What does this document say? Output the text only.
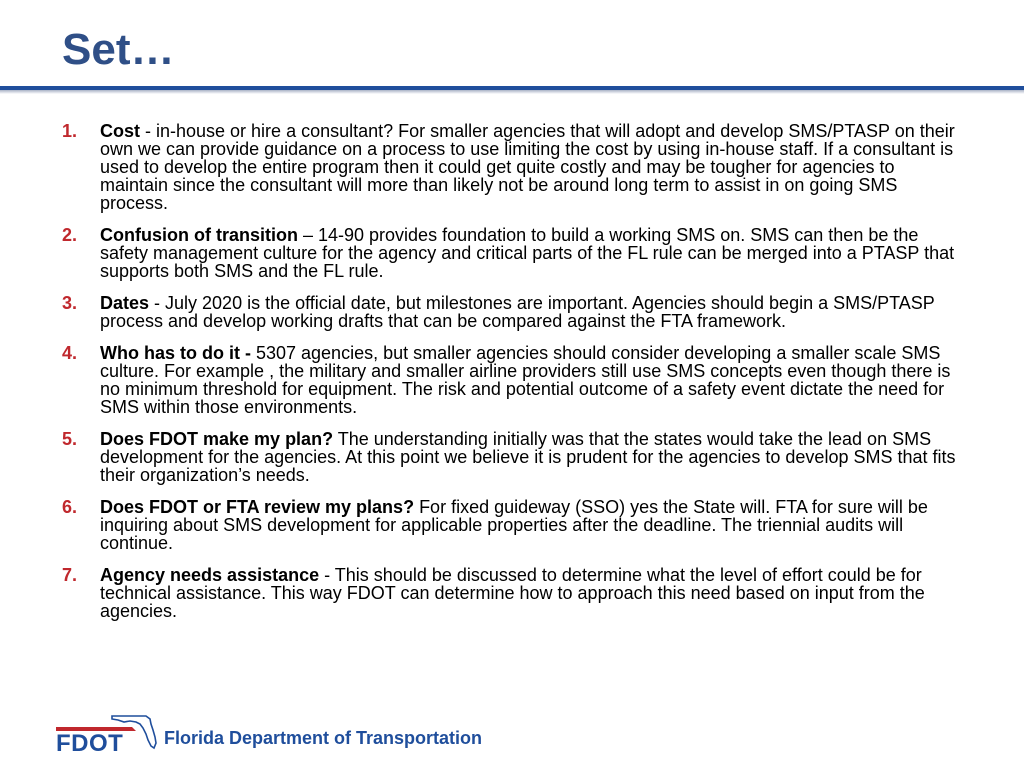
Set…
1.	Cost - in-house or hire a consultant? For smaller agencies that will adopt and develop SMS/PTASP on their own we can provide guidance on a process to use limiting the cost by using in-house staff. If a consultant is used to develop the entire program then it could get quite costly and may be tougher for agencies to maintain since the consultant will more than likely not be around long term to assist in on going SMS process.
2.	Confusion of transition – 14-90 provides foundation to build a working SMS on. SMS can then be the safety management culture for the agency and critical parts of the FL rule can be merged into a PTASP that supports both SMS and the FL rule.
3.	Dates - July 2020 is the official date, but milestones are important. Agencies should begin a SMS/PTASP process and develop working drafts that can be compared against the FTA framework.
4.	Who has to do it - 5307 agencies, but smaller agencies should consider developing a smaller scale SMS culture. For example , the military and smaller airline providers still use SMS concepts even though there is no minimum threshold for equipment. The risk and potential outcome of a safety event dictate the need for SMS within those environments.
5.	Does FDOT make my plan? The understanding initially was that the states would take the lead on SMS development for the agencies. At this point we believe it is prudent for the agencies to develop SMS that fits their organization’s needs.
6.	Does FDOT or FTA review my plans? For fixed guideway (SSO) yes the State will. FTA for sure will be inquiring about SMS development for applicable properties after the deadline. The triennial audits will continue.
7.	Agency needs assistance - This should be discussed to determine what the level of effort could be for technical assistance. This way FDOT can determine how to approach this need based on input from the agencies.
FDOT Florida Department of Transportation
